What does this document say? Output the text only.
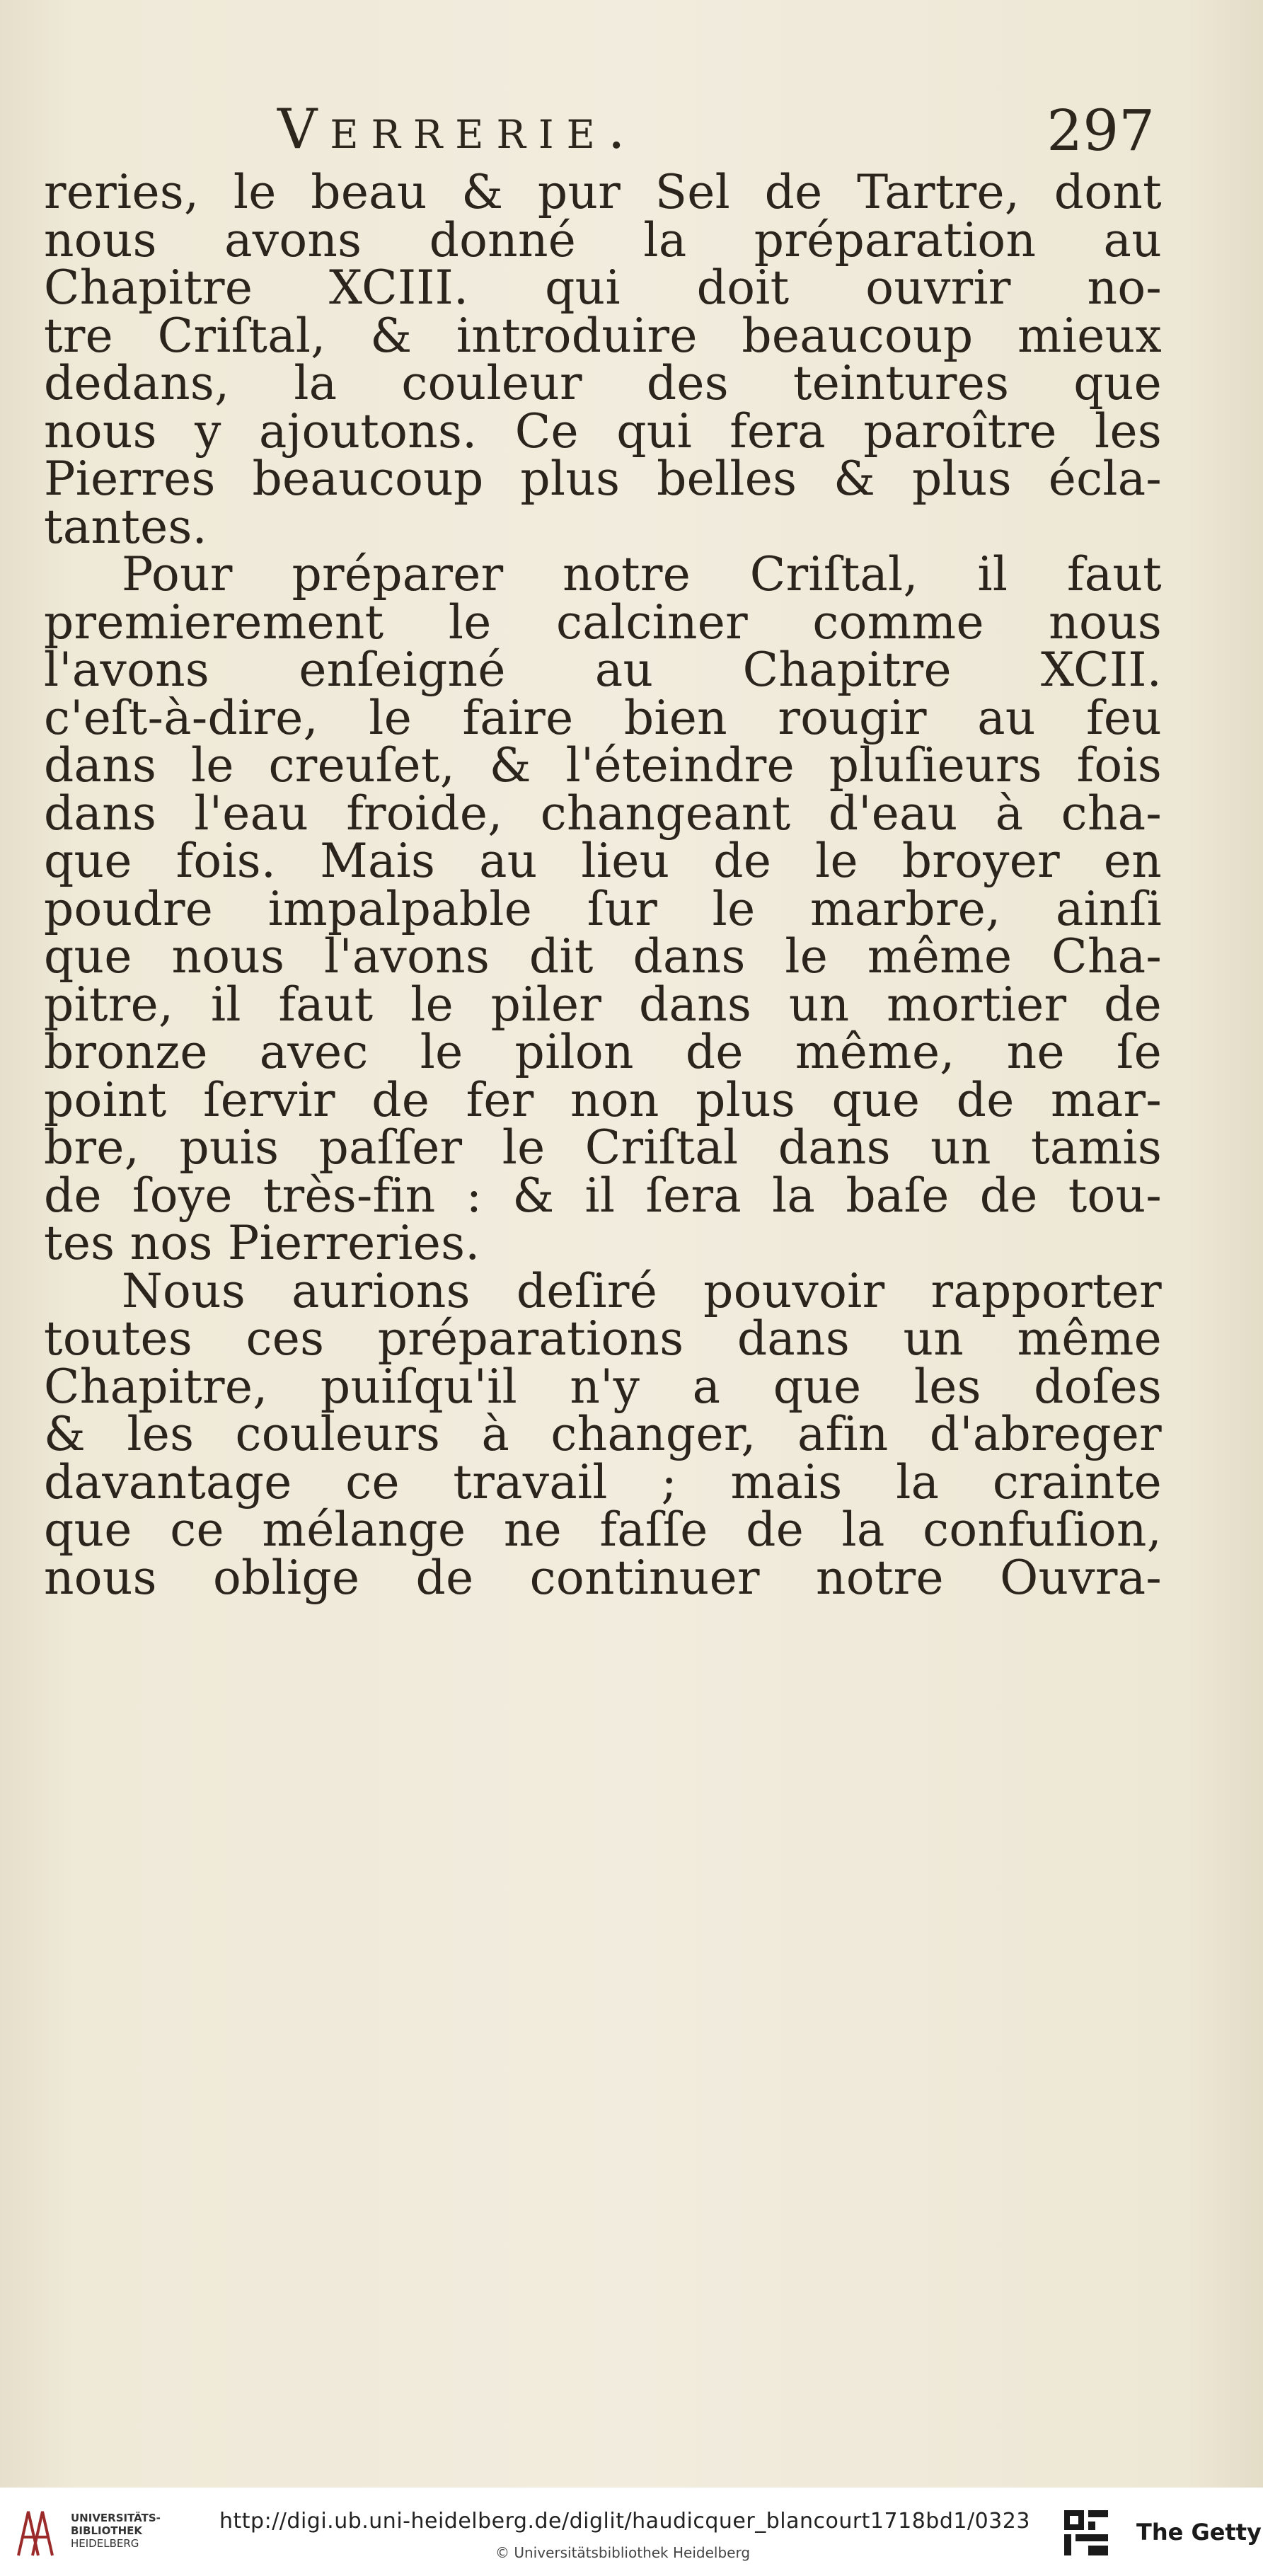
Verrerie.	297
reries, le beau & pur Sel de Tartre, dont
nous avons donné la préparation au
Chapitre XCIII. qui doit ouvrir no-
tre Criſtal, & introduire beaucoup mieux
dedans, la couleur des teintures que
nous y ajoutons. Ce qui fera paroître les
Pierres beaucoup plus belles & plus écla-
tantes.
Pour préparer notre Criſtal, il faut
premierement le calciner comme nous
l'avons enſeigné au Chapitre XCII.
c'eſt-à-dire, le faire bien rougir au feu
dans le creuſet, & l'éteindre pluſieurs fois
dans l'eau froide, changeant d'eau à cha-
que fois. Mais au lieu de le broyer en
poudre impalpable ſur le marbre, ainſi
que nous l'avons dit dans le même Cha-
pitre, il faut le piler dans un mortier de
bronze avec le pilon de même, ne ſe
point ſervir de fer non plus que de mar-
bre, puis paſſer le Criſtal dans un tamis
de ſoye très-fin : & il ſera la baſe de tou-
tes nos Pierreries.
Nous aurions deſiré pouvoir rapporter
toutes ces préparations dans un même
Chapitre, puiſqu'il n'y a que les doſes
& les couleurs à changer, afin d'abreger
davantage ce travail ; mais la crainte
que ce mélange ne faſſe de la confuſion,
nous oblige de continuer notre Ouvra-
UNIVERSITÄTS-
BIBLIOTHEK
HEIDELBERG
http://digi.ub.uni-heidelberg.de/diglit/haudicquer_blancourt1718bd1/0323
© Universitätsbibliothek Heidelberg
The Getty
